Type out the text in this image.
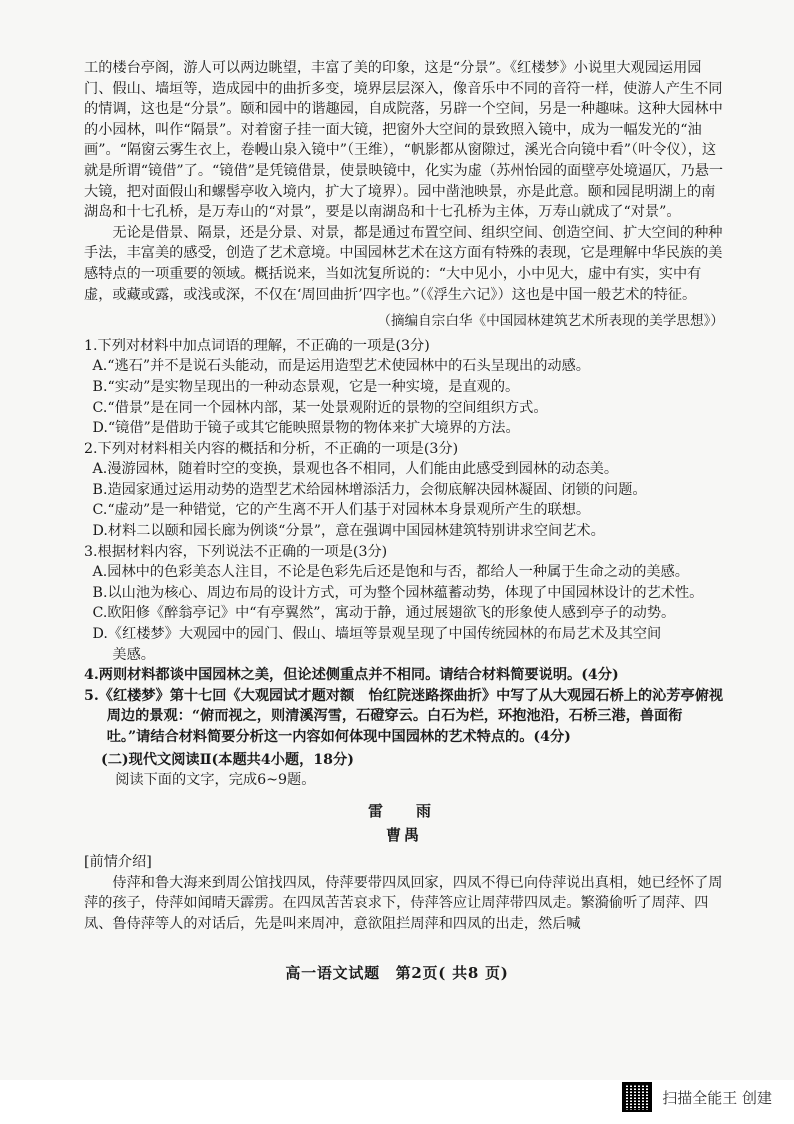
工的楼台亭阁，游人可以两边眺望，丰富了美的印象，这是“分景”。《红楼梦》小说里大观园运用园门、假山、墙垣等，造成园中的曲折多变，境界层层深入，像音乐中不同的音符一样，使游人产生不同的情调，这也是“分景”。颐和园中的谐趣园，自成院落，另辟一个空间，另是一种趣味。这种大园林中的小园林，叫作“隔景”。对着窗子挂一面大镜，把窗外大空间的景致照入镜中，成为一幅发光的“油画”。“隔窗云雾生衣上，卷幔山泉入镜中”（王维），“帆影都从窗隙过，溪光合向镜中看”（叶令仪），这就是所谓“镜借”了。“镜借”是凭镜借景，使景映镜中，化实为虚（苏州怡园的面壁亭处境逼仄，乃悬一大镜，把对面假山和螺髻亭收入境内，扩大了境界）。园中凿池映景，亦是此意。颐和园昆明湖上的南湖岛和十七孔桥，是万寿山的“对景”，要是以南湖岛和十七孔桥为主体，万寿山就成了“对景”。

无论是借景、隔景，还是分景、对景，都是通过布置空间、组织空间、创造空间、扩大空间的种种手法，丰富美的感受，创造了艺术意境。中国园林艺术在这方面有特殊的表现，它是理解中华民族的美感特点的一项重要的领域。概括说来，当如沈复所说的：“大中见小，小中见大，虚中有实，实中有虚，或藏或露，或浅或深，不仅在‘周回曲折’四字也。”（《浮生六记》）这也是中国一般艺术的特征。

（摘编自宗白华《中国园林建筑艺术所表现的美学思想》）

1.下列对材料中加点词语的理解，不正确的一项是(3分)

A.“逃石”并不是说石头能动，而是运用造型艺术使园林中的石头呈现出的动感。

B.“实动”是实物呈现出的一种动态景观，它是一种实境，是直观的。

C.“借景”是在同一个园林内部，某一处景观附近的景物的空间组织方式。

D.“镜借”是借助于镜子或其它能映照景物的物体来扩大境界的方法。

2.下列对材料相关内容的概括和分析，不正确的一项是(3分)

A.漫游园林，随着时空的变换，景观也各不相同，人们能由此感受到园林的动态美。

B.造园家通过运用动势的造型艺术给园林增添活力，会彻底解决园林凝固、闭锁的问题。

C.“虚动”是一种错觉，它的产生离不开人们基于对园林本身景观所产生的联想。

D.材料二以颐和园长廊为例谈“分景”，意在强调中国园林建筑特别讲求空间艺术。

3.根据材料内容，下列说法不正确的一项是(3分)

A.园林中的色彩美态人注目，不论是色彩先后还是饱和与否，都给人一种属于生命之动的美感。

B.以山池为核心、周边布局的设计方式，可为整个园林蕴蓄动势，体现了中国园林设计的艺术性。

C.欧阳修《醉翁亭记》中“有亭翼然”，寓动于静，通过展翅欲飞的形象使人感到亭子的动势。

D.《红楼梦》大观园中的园门、假山、墙垣等景观呈现了中国传统园林的布局艺术及其空间

美感。

4.两则材料都谈中国园林之美，但论述侧重点并不相同。请结合材料简要说明。(4分)

5.《红楼梦》第十七回《大观园试才题对额　怡红院迷路探曲折》中写了从大观园石桥上的沁芳亭俯视周边的景观：“俯而视之，则清溪泻雪，石磴穿云。白石为栏，环抱池沿，石桥三港，兽面衔吐。”请结合材料简要分析这一内容如何体现中国园林的艺术特点的。(4分)

(二)现代文阅读Ⅱ(本题共4小题，18分)

阅读下面的文字，完成6~9题。

雷　雨

曹禺

[前情介绍]

侍萍和鲁大海来到周公馆找四凤，侍萍要带四凤回家，四凤不得已向侍萍说出真相，她已经怀了周萍的孩子，侍萍如闻晴天霹雳。在四凤苦苦哀求下，侍萍答应让周萍带四凤走。繁漪偷听了周萍、四凤、鲁侍萍等人的对话后，先是叫来周冲，意欲阻拦周萍和四凤的出走，然后喊

高一语文试题　第2页( 共8 页)
扫描全能王 创建
